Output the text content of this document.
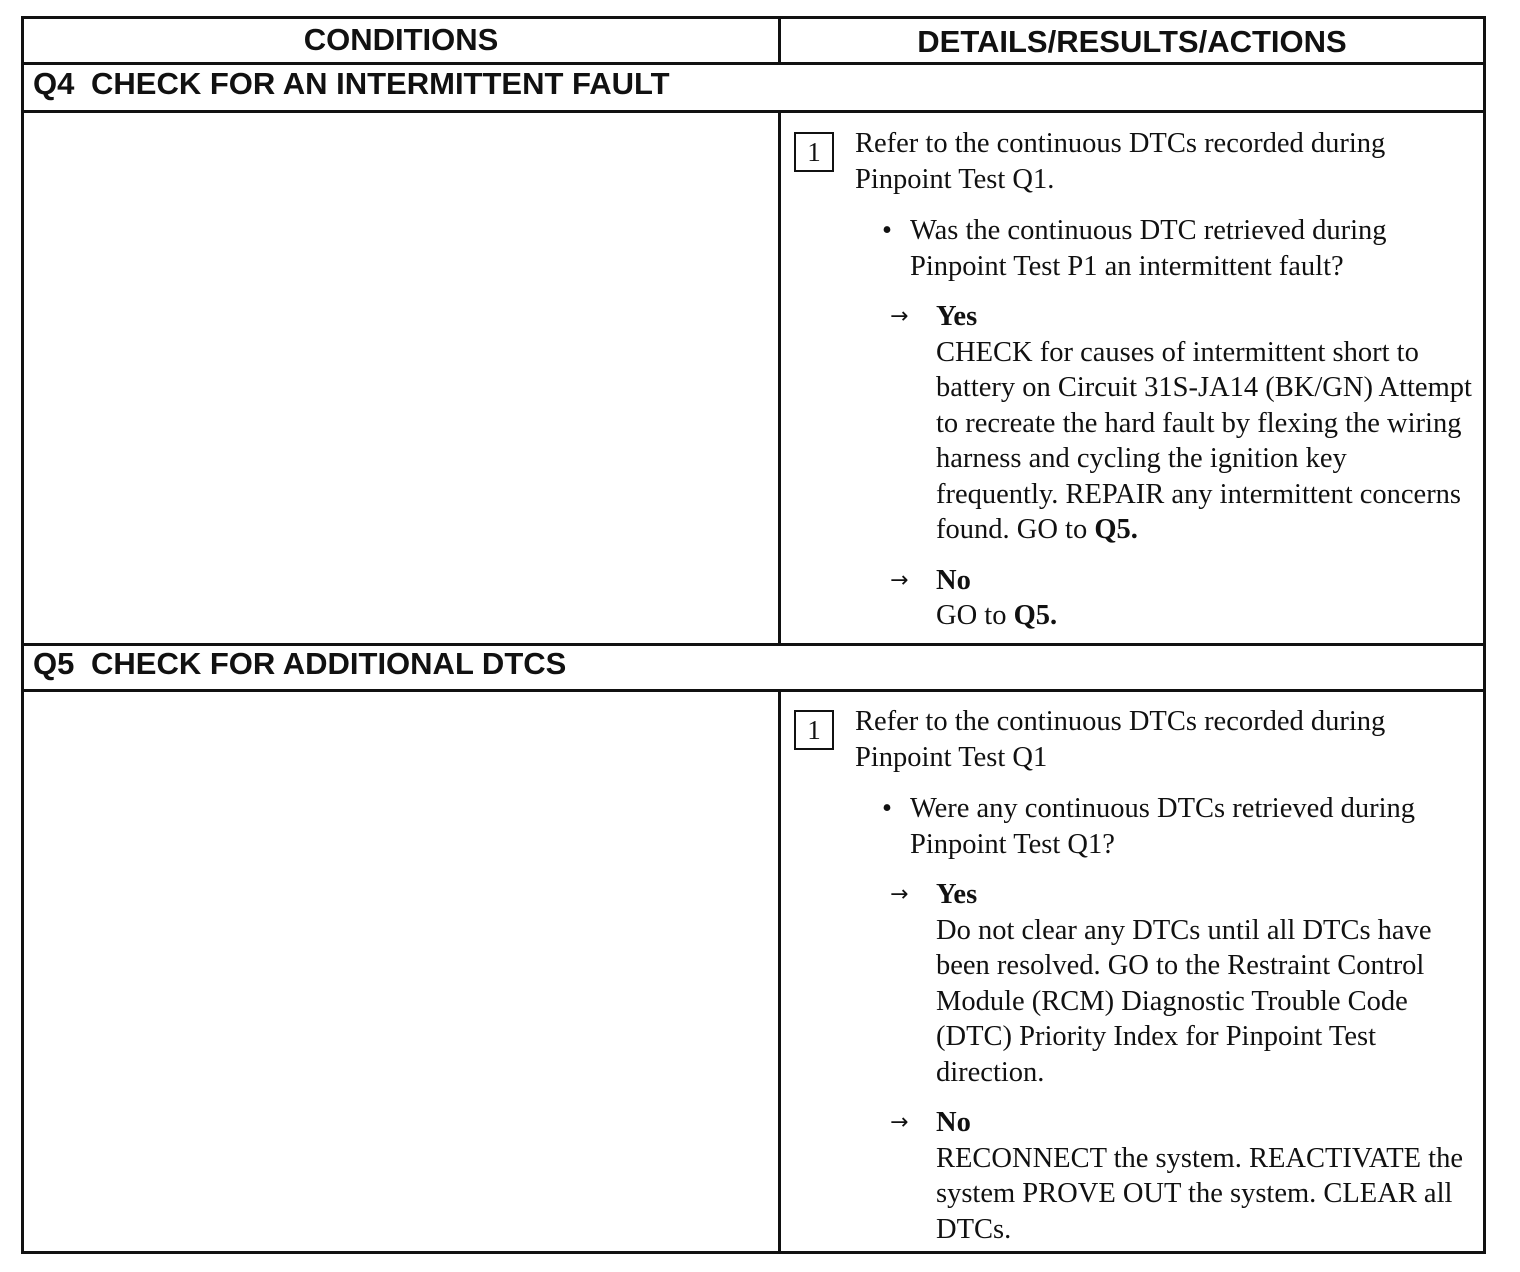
CONDITIONS	DETAILS/RESULTS/ACTIONS
Q4 CHECK FOR AN INTERMITTENT FAULT
1	Refer to the continuous DTCs recorded during Pinpoint Test Q1.
• Was the continuous DTC retrieved during Pinpoint Test P1 an intermittent fault?
→ Yes
CHECK for causes of intermittent short to battery on Circuit 31S-JA14 (BK/GN) Attempt to recreate the hard fault by flexing the wiring harness and cycling the ignition key frequently. REPAIR any intermittent concerns found. GO to Q5.
→ No
GO to Q5.
Q5 CHECK FOR ADDITIONAL DTCS
1	Refer to the continuous DTCs recorded during Pinpoint Test Q1
• Were any continuous DTCs retrieved during Pinpoint Test Q1?
→ Yes
Do not clear any DTCs until all DTCs have been resolved. GO to the Restraint Control Module (RCM) Diagnostic Trouble Code (DTC) Priority Index for Pinpoint Test direction.
→ No
RECONNECT the system. REACTIVATE the system PROVE OUT the system. CLEAR all DTCs.
